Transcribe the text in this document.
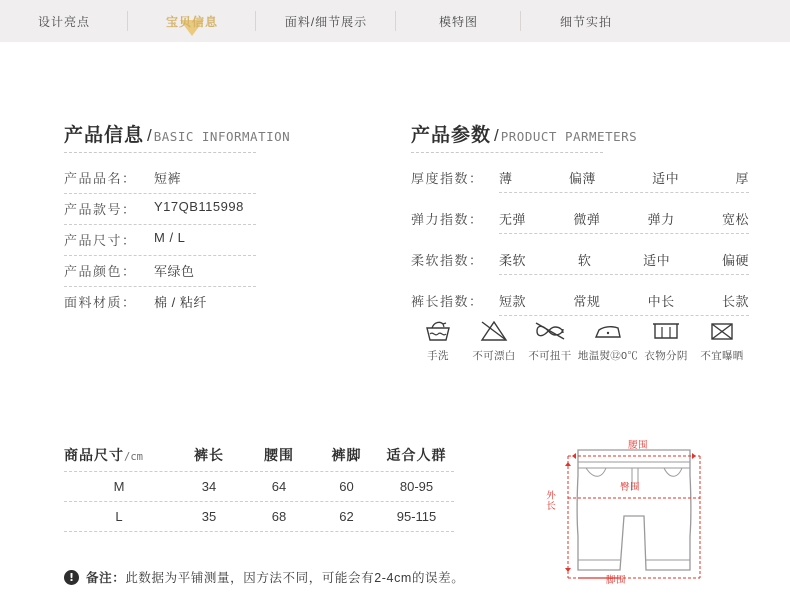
设计亮点	宝贝信息	面料/细节展示	模特图	细节实拍
产品信息 / BASIC INFORMATION
产品品名： 短裤
产品款号： Y17QB115998
产品尺寸： M / L
产品颜色： 军绿色
面料材质： 棉 / 粘纤
产品参数 / PRODUCT PARMETERS
厚度指数： 薄	偏薄	适中	厚
弹力指数： 无弹	微弹	弹力	宽松
柔软指数： 柔软	软	适中	偏硬
裤长指数： 短款	常规	中长	长款
手洗	不可漂白	不可扭干 地温熨⑫0℃ 衣物分阴	不宜曝晒
商品尺寸/cm	裤长	腰围	裤脚	适合人群
M	34	64	60	80-95
L	35	68	62	95-115
! 备注：此数据为平铺测量，因方法不同，可能会有2-4cm的误差。
腰围
臀围
外长
脚围
